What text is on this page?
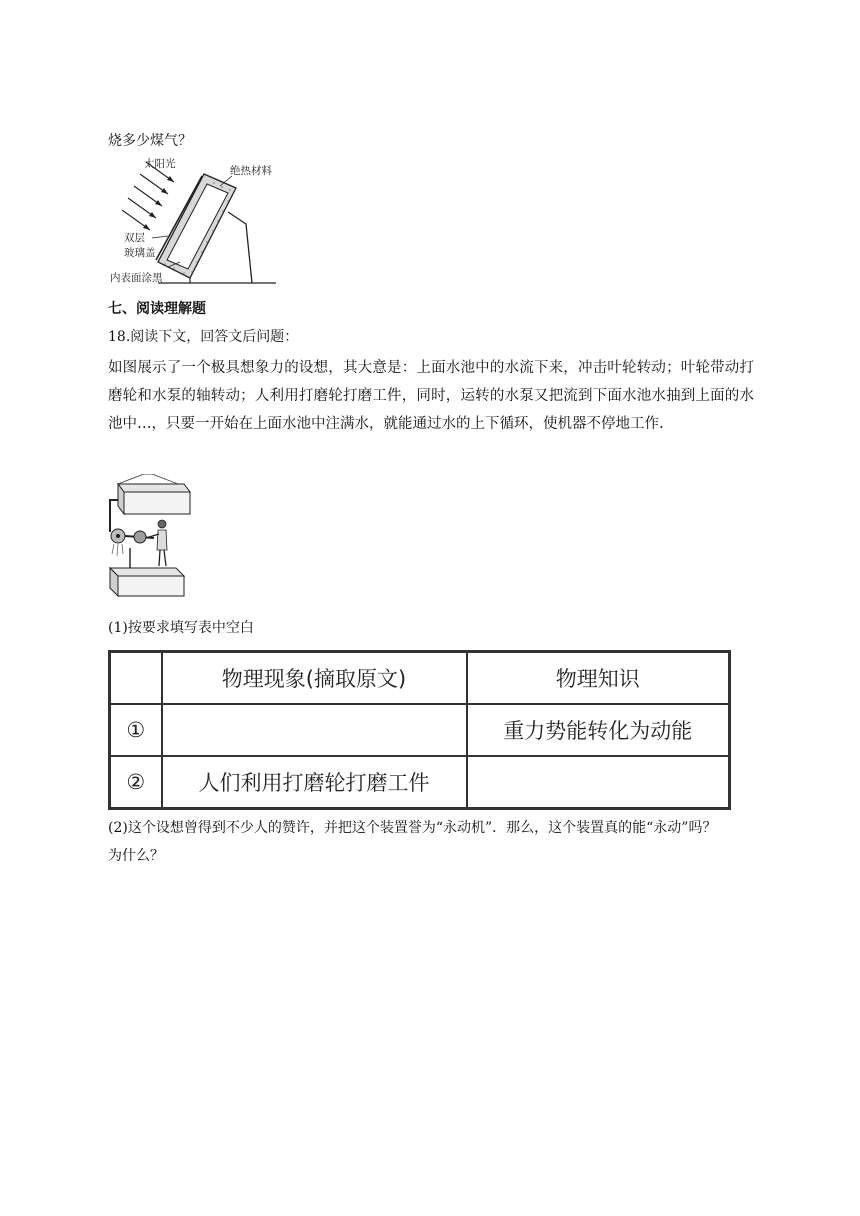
烧多少煤气？
太阳光
绝热材料
双层
玻璃盖
内表面涂黑
七、阅读理解题
18.阅读下文，回答文后问题：
如图展示了一个极具想象力的设想，其大意是：上面水池中的水流下来，冲击叶轮转动；叶轮带动打磨轮和水泵的轴转动；人利用打磨轮打磨工件，同时，运转的水泵又把流到下面水池水抽到上面的水池中…，只要一开始在上面水池中注满水，就能通过水的上下循环，使机器不停地工作.
(1)按要求填写表中空白
	物理现象(摘取原文)	物理知识
①		重力势能转化为动能
②	人们利用打磨轮打磨工件	
(2)这个设想曾得到不少人的赞许，并把这个装置誉为“永动机”．那么，这个装置真的能“永动”吗？
为什么？
